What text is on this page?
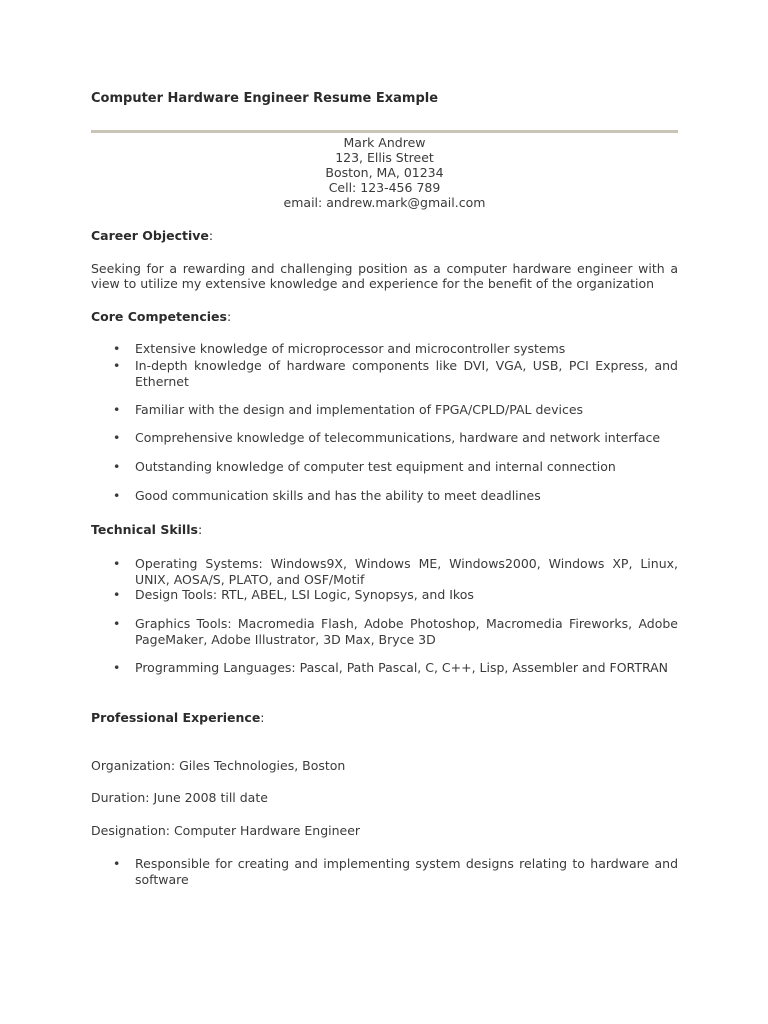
Computer Hardware Engineer Resume Example
Mark Andrew
123, Ellis Street
Boston, MA, 01234
Cell: 123-456 789
email: andrew.mark@gmail.com
Career Objective:
Seeking for a rewarding and challenging position as a computer hardware engineer with a view to utilize my extensive knowledge and experience for the benefit of the organization
Core Competencies:
• Extensive knowledge of microprocessor and microcontroller systems
• In-depth knowledge of hardware components like DVI, VGA, USB, PCI Express, and Ethernet
• Familiar with the design and implementation of FPGA/CPLD/PAL devices
• Comprehensive knowledge of telecommunications, hardware and network interface
• Outstanding knowledge of computer test equipment and internal connection
• Good communication skills and has the ability to meet deadlines
Technical Skills:
• Operating Systems: Windows9X, Windows ME, Windows2000, Windows XP, Linux, UNIX, AOSA/S, PLATO, and OSF/Motif
• Design Tools: RTL, ABEL, LSI Logic, Synopsys, and Ikos
• Graphics Tools: Macromedia Flash, Adobe Photoshop, Macromedia Fireworks, Adobe PageMaker, Adobe Illustrator, 3D Max, Bryce 3D
• Programming Languages: Pascal, Path Pascal, C, C++, Lisp, Assembler and FORTRAN
Professional Experience:
Organization: Giles Technologies, Boston
Duration: June 2008 till date
Designation: Computer Hardware Engineer
• Responsible for creating and implementing system designs relating to hardware and software
